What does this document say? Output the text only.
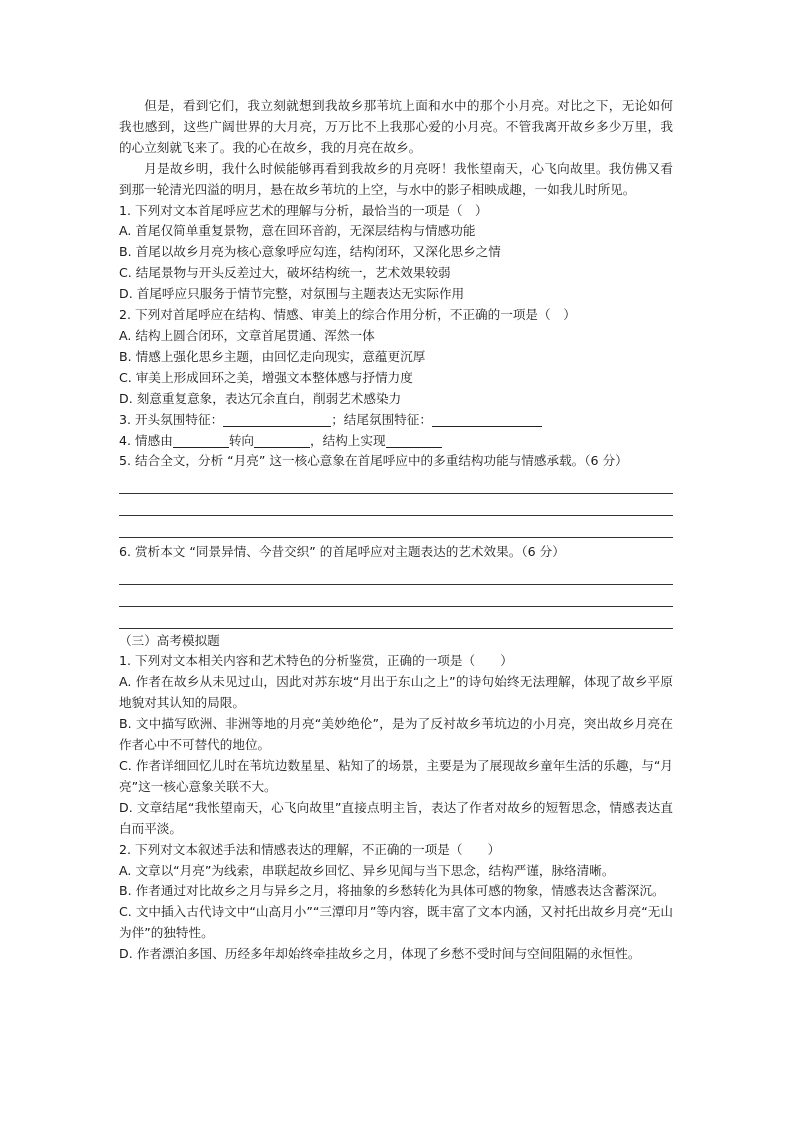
但是，看到它们，我立刻就想到我故乡那苇坑上面和水中的那个小月亮。对比之下，无论如何我也感到，这些广阔世界的大月亮，万万比不上我那心爱的小月亮。不管我离开故乡多少万里，我的心立刻就飞来了。我的心在故乡，我的月亮在故乡。

月是故乡明，我什么时候能够再看到我故乡的月亮呀！我怅望南天，心飞向故里。我仿佛又看到那一轮清光四溢的明月，悬在故乡苇坑的上空，与水中的影子相映成趣，一如我儿时所见。

1. 下列对文本首尾呼应艺术的理解与分析，最恰当的一项是（　）

A. 首尾仅简单重复景物，意在回环音韵，无深层结构与情感功能

B. 首尾以故乡月亮为核心意象呼应勾连，结构闭环，又深化思乡之情

C. 结尾景物与开头反差过大，破坏结构统一，艺术效果较弱

D. 首尾呼应只服务于情节完整，对氛围与主题表达无实际作用

2. 下列对首尾呼应在结构、情感、审美上的综合作用分析，不正确的一项是（　）

A. 结构上圆合闭环，文章首尾贯通、浑然一体

B. 情感上强化思乡主题，由回忆走向现实，意蕴更沉厚

C. 审美上形成回环之美，增强文本整体感与抒情力度

D. 刻意重复意象，表达冗余直白，削弱艺术感染力

3. 开头氛围特征：	；结尾氛围特征：

4. 情感由	转向	，结构上实现

5. 结合全文，分析 “月亮” 这一核心意象在首尾呼应中的多重结构功能与情感承载。（6 分）

6. 赏析本文 “同景异情、今昔交织” 的首尾呼应对主题表达的艺术效果。（6 分）

（三）高考模拟题

1. 下列对文本相关内容和艺术特色的分析鉴赏，正确的一项是（　　）

A. 作者在故乡从未见过山，因此对苏东坡“月出于东山之上”的诗句始终无法理解，体现了故乡平原地貌对其认知的局限。

B. 文中描写欧洲、非洲等地的月亮“美妙绝伦”，是为了反衬故乡苇坑边的小月亮，突出故乡月亮在作者心中不可替代的地位。

C. 作者详细回忆儿时在苇坑边数星星、粘知了的场景，主要是为了展现故乡童年生活的乐趣，与“月亮”这一核心意象关联不大。

D. 文章结尾“我怅望南天，心飞向故里”直接点明主旨，表达了作者对故乡的短暂思念，情感表达直白而平淡。

2. 下列对文本叙述手法和情感表达的理解，不正确的一项是（　　）

A. 文章以“月亮”为线索，串联起故乡回忆、异乡见闻与当下思念，结构严谨，脉络清晰。

B. 作者通过对比故乡之月与异乡之月，将抽象的乡愁转化为具体可感的物象，情感表达含蓄深沉。

C. 文中插入古代诗文中“山高月小”“三潭印月”等内容，既丰富了文本内涵，又衬托出故乡月亮“无山为伴”的独特性。

D. 作者漂泊多国、历经多年却始终牵挂故乡之月，体现了乡愁不受时间与空间阻隔的永恒性。
